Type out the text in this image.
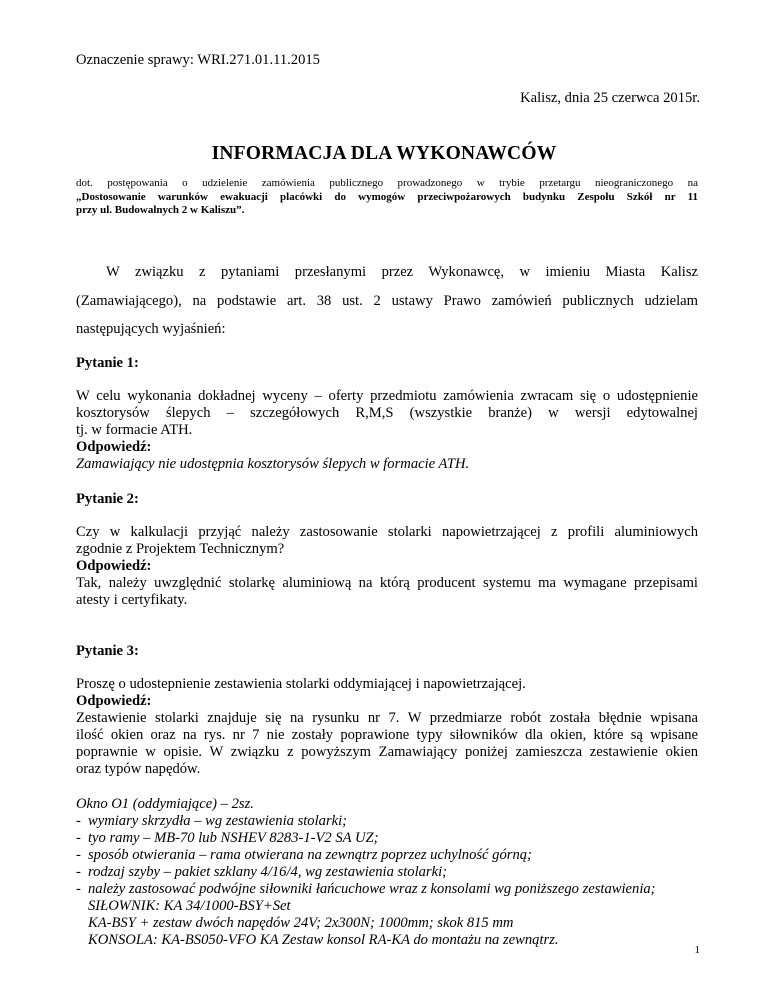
Oznaczenie sprawy: WRI.271.01.11.2015

Kalisz, dnia 25 czerwca 2015r.

INFORMACJA DLA WYKONAWCÓW
dot. postępowania o udzielenie zamówienia publicznego prowadzonego w trybie przetargu nieograniczonego na
„Dostosowanie warunków ewakuacji placówki do wymogów przeciwpożarowych budynku Zespołu Szkół nr 11
przy ul. Budowalnych 2 w Kaliszu”.
W związku z pytaniami przesłanymi przez Wykonawcę, w imieniu Miasta Kalisz
(Zamawiającego), na podstawie art. 38 ust. 2 ustawy Prawo zamówień publicznych udzielam
następujących wyjaśnień:
Pytanie 1:
W celu wykonania dokładnej wyceny – oferty przedmiotu zamówienia zwracam się o udostępnienie
kosztorysów ślepych – szczegółowych R,M,S (wszystkie branże) w wersji edytowalnej
tj. w formacie ATH.
Odpowiedź:
Zamawiający nie udostępnia kosztorysów ślepych w formacie ATH.
Pytanie 2:
Czy w kalkulacji przyjąć należy zastosowanie stolarki napowietrzającej z profili aluminiowych
zgodnie z Projektem Technicznym?
Odpowiedź:
Tak, należy uwzględnić stolarkę aluminiową na którą producent systemu ma wymagane przepisami
atesty i certyfikaty.
Pytanie 3:
Proszę o udostepnienie zestawienia stolarki oddymiającej i napowietrzającej.
Odpowiedź:
Zestawienie stolarki znajduje się na rysunku nr 7. W przedmiarze robót została błędnie wpisana
ilość okien oraz na rys. nr 7 nie zostały poprawione typy siłowników dla okien, które są wpisane
poprawnie w opisie. W związku z powyższym Zamawiający poniżej zamieszcza zestawienie okien
oraz typów napędów.
Okno O1 (oddymiające) – 2sz.
- wymiary skrzydła – wg zestawienia stolarki;
- tyo ramy – MB-70 lub NSHEV 8283-1-V2 SA UZ;
- sposób otwierania – rama otwierana na zewnątrz poprzez uchylność górną;
- rodzaj szyby – pakiet szklany 4/16/4, wg zestawienia stolarki;
- należy zastosować podwójne siłowniki łańcuchowe wraz z konsolami wg poniższego zestawienia;
SIŁOWNIK: KA 34/1000-BSY+Set
KA-BSY + zestaw dwóch napędów 24V; 2x300N; 1000mm; skok 815 mm
KONSOLA: KA-BS050-VFO KA Zestaw konsol RA-KA do montażu na zewnątrz.

1
